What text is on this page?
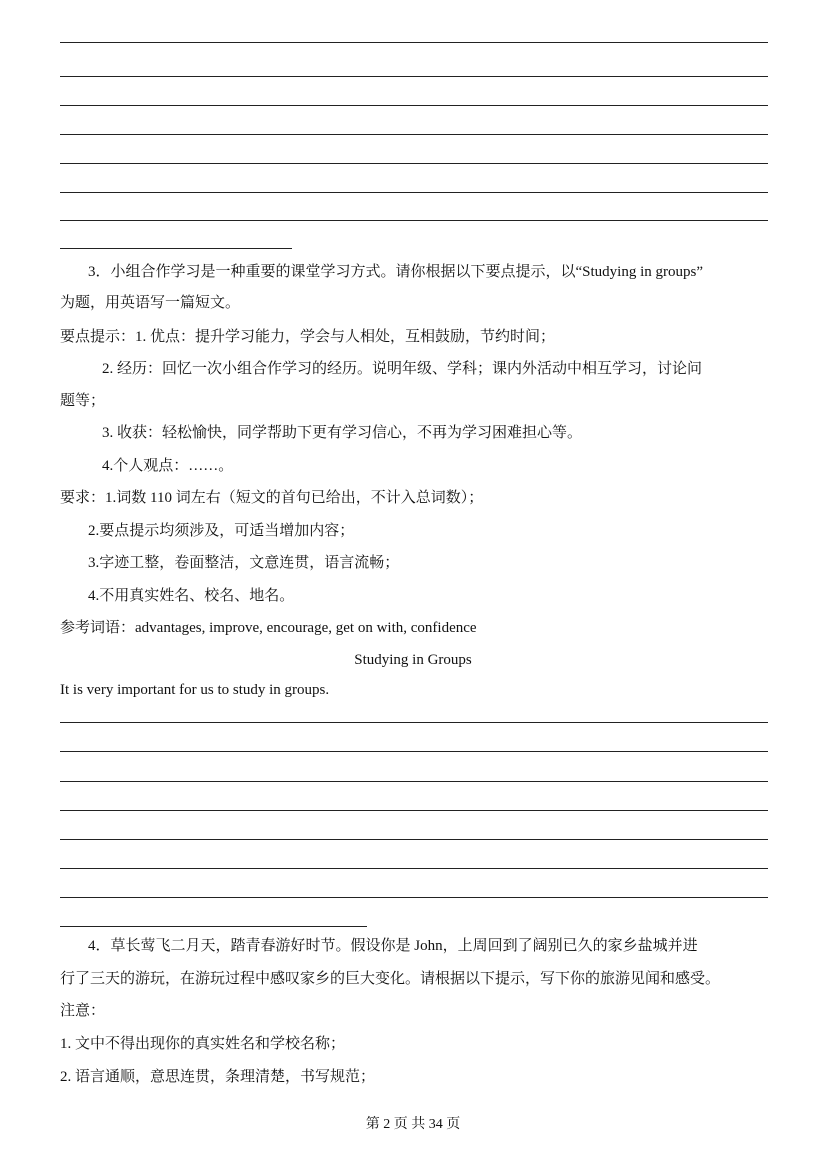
3．小组合作学习是一种重要的课堂学习方式。请你根据以下要点提示，以“Studying in groups”
为题，用英语写一篇短文。
要点提示：1. 优点：提升学习能力，学会与人相处，互相鼓励，节约时间；
2. 经历：回忆一次小组合作学习的经历。说明年级、学科；课内外活动中相互学习，讨论问
题等；
3. 收获：轻松愉快，同学帮助下更有学习信心，不再为学习困难担心等。
4.个人观点：……。
要求：1.词数 110 词左右（短文的首句已给出，不计入总词数）；
2.要点提示均须涉及，可适当增加内容；
3.字迹工整，卷面整洁，文意连贯，语言流畅；
4.不用真实姓名、校名、地名。
参考词语：advantages, improve, encourage, get on with, confidence
Studying in Groups
It is very important for us to study in groups.
4．草长莺飞二月天，踏青春游好时节。假设你是 John，上周回到了阔别已久的家乡盐城并进
行了三天的游玩，在游玩过程中感叹家乡的巨大变化。请根据以下提示，写下你的旅游见闻和感受。
注意：
1. 文中不得出现你的真实姓名和学校名称；
2. 语言通顺，意思连贯，条理清楚，书写规范；
第 2 页 共 34 页
